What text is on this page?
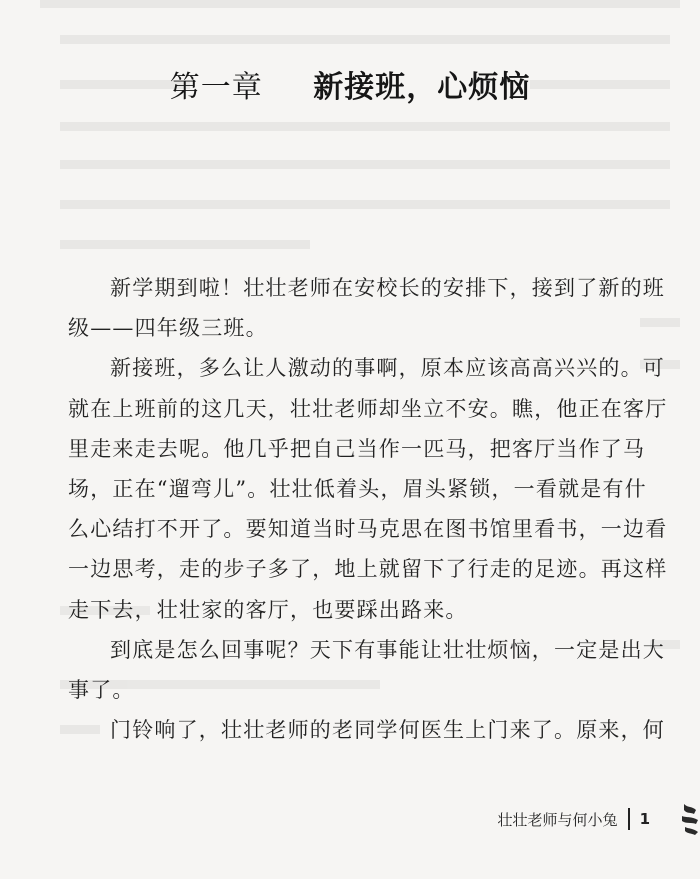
第一章 新接班，心烦恼

新学期到啦！壮壮老师在安校长的安排下，接到了新的班
级——四年级三班。

新接班，多么让人激动的事啊，原本应该高高兴兴的。可
就在上班前的这几天，壮壮老师却坐立不安。瞧，他正在客厅
里走来走去呢。他几乎把自己当作一匹马，把客厅当作了马
场，正在“遛弯儿”。壮壮低着头，眉头紧锁，一看就是有什
么心结打不开了。要知道当时马克思在图书馆里看书，一边看
一边思考，走的步子多了，地上就留下了行走的足迹。再这样
走下去，壮壮家的客厅，也要踩出路来。

到底是怎么回事呢？天下有事能让壮壮烦恼，一定是出大
事了。

门铃响了，壮壮老师的老同学何医生上门来了。原来，何

壮壮老师与何小兔 1
